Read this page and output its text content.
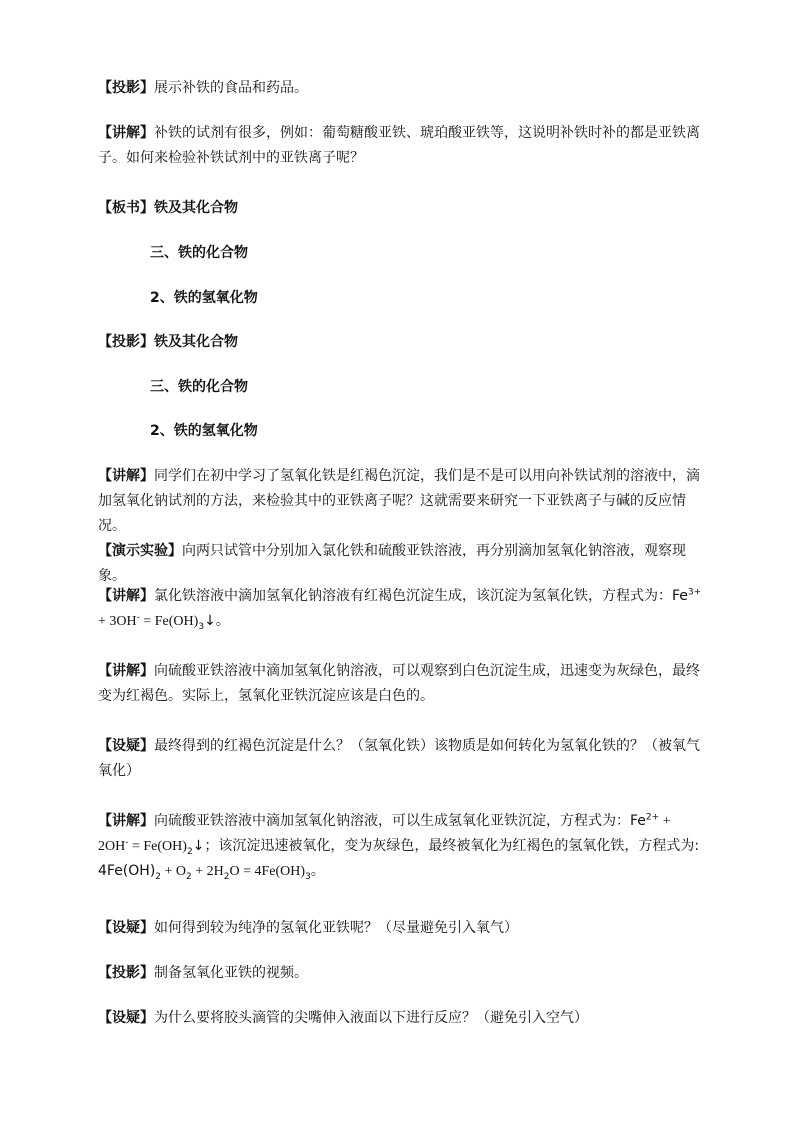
【投影】展示补铁的食品和药品。
【讲解】补铁的试剂有很多，例如：葡萄糖酸亚铁、琥珀酸亚铁等，这说明补铁时补的都是亚铁离子。如何来检验补铁试剂中的亚铁离子呢？
【板书】铁及其化合物
三、铁的化合物
2、铁的氢氧化物
【投影】铁及其化合物
三、铁的化合物
2、铁的氢氧化物
【讲解】同学们在初中学习了氢氧化铁是红褐色沉淀，我们是不是可以用向补铁试剂的溶液中，滴加氢氧化钠试剂的方法，来检验其中的亚铁离子呢？这就需要来研究一下亚铁离子与碱的反应情况。
【演示实验】向两只试管中分别加入氯化铁和硫酸亚铁溶液，再分别滴加氢氧化钠溶液，观察现象。
【讲解】氯化铁溶液中滴加氢氧化钠溶液有红褐色沉淀生成，该沉淀为氢氧化铁，方程式为：$Fe^{3+} + 3OH^-$ = $Fe(OH)_3↓$。
【讲解】向硫酸亚铁溶液中滴加氢氧化钠溶液，可以观察到白色沉淀生成，迅速变为灰绿色，最终变为红褐色。实际上，氢氧化亚铁沉淀应该是白色的。
【设疑】最终得到的红褐色沉淀是什么？（氢氧化铁）该物质是如何转化为氢氧化铁的？（被氧气氧化）
【讲解】向硫酸亚铁溶液中滴加氢氧化钠溶液，可以生成氢氧化亚铁沉淀，方程式为：$Fe^{2+} + 2OH^-$ = $Fe(OH)_2↓$；该沉淀迅速被氧化，变为灰绿色，最终被氧化为红褐色的氢氧化铁，方程式为: $4Fe(OH)_2 + O_2 + 2H_2O = 4Fe(OH)_3$。
【设疑】如何得到较为纯净的氢氧化亚铁呢？（尽量避免引入氧气）
【投影】制备氢氧化亚铁的视频。
【设疑】为什么要将胶头滴管的尖嘴伸入液面以下进行反应？（避免引入空气）
